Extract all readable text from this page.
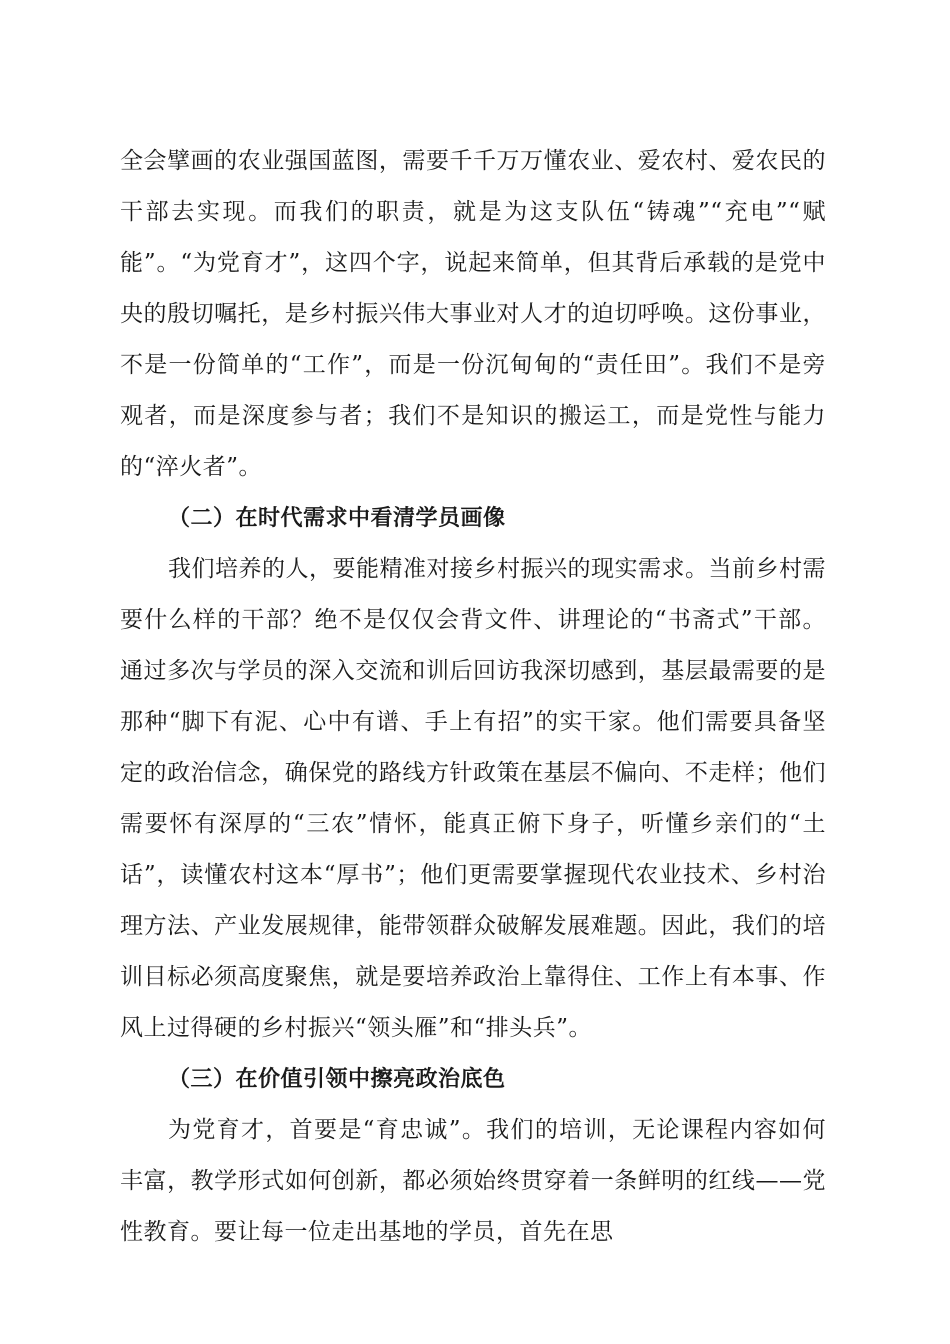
全会擘画的农业强国蓝图，需要千千万万懂农业、爱农村、爱农民的干部去实现。而我们的职责，就是为这支队伍“铸魂”“充电”“赋能”。“为党育才”，这四个字，说起来简单，但其背后承载的是党中央的殷切嘱托，是乡村振兴伟大事业对人才的迫切呼唤。这份事业，不是一份简单的“工作”，而是一份沉甸甸的“责任田”。我们不是旁观者，而是深度参与者；我们不是知识的搬运工，而是党性与能力的“淬火者”。

（二）在时代需求中看清学员画像

我们培养的人，要能精准对接乡村振兴的现实需求。当前乡村需要什么样的干部？绝不是仅仅会背文件、讲理论的“书斋式”干部。通过多次与学员的深入交流和训后回访我深切感到，基层最需要的是那种“脚下有泥、心中有谱、手上有招”的实干家。他们需要具备坚定的政治信念，确保党的路线方针政策在基层不偏向、不走样；他们需要怀有深厚的“三农”情怀，能真正俯下身子，听懂乡亲们的“土话”，读懂农村这本“厚书”；他们更需要掌握现代农业技术、乡村治理方法、产业发展规律，能带领群众破解发展难题。因此，我们的培训目标必须高度聚焦，就是要培养政治上靠得住、工作上有本事、作风上过得硬的乡村振兴“领头雁”和“排头兵”。

（三）在价值引领中擦亮政治底色

为党育才，首要是“育忠诚”。我们的培训，无论课程内容如何丰富，教学形式如何创新，都必须始终贯穿着一条鲜明的红线——党性教育。要让每一位走出基地的学员，首先在思
